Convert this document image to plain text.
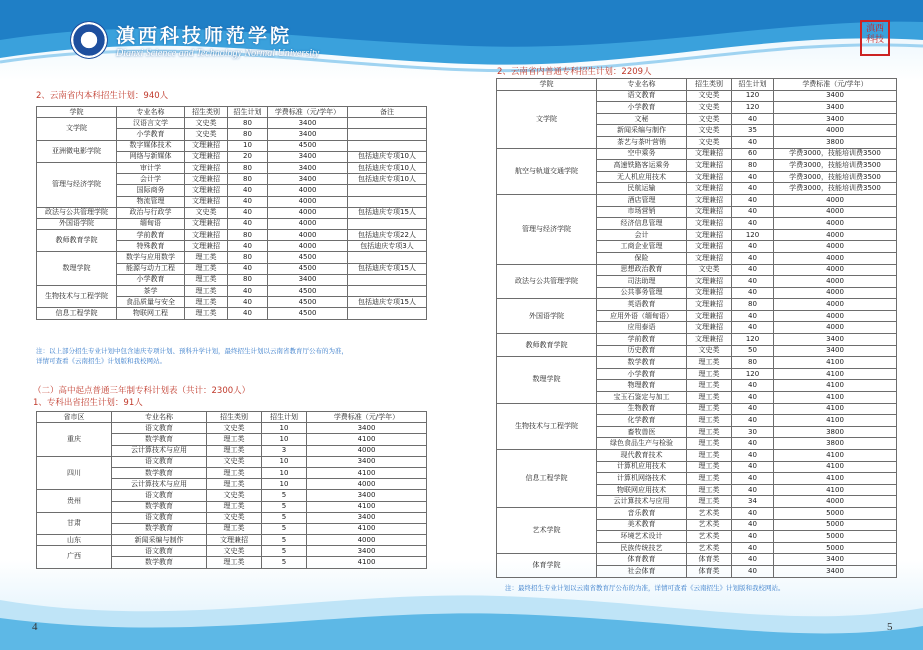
滇西科技师范学院
Dianxi Science and Technology Normal University
滇西科技
2、云南省内本科招生计划：940人
学院	专业名称	招生类别	招生计划	学费标准（元/学年）	备注
文学院	汉语言文学	文史类	80	3400	
	小学教育	文史类	80	3400	
亚洲微电影学院	数字媒体技术	文理兼招	10	4500	
	网络与新媒体	文理兼招	20	3400	包括迪庆专项10人
管理与经济学院	审计学	文理兼招	80	3400	包括迪庆专项10人
	会计学	文理兼招	80	3400	包括迪庆专项10人
	国际商务	文理兼招	40	4000	
	物流管理	文理兼招	40	4000	
政法与公共管理学院	政治与行政学	文史类	40	4000	包括迪庆专项15人
外国语学院	缅甸语	文理兼招	40	4000	
教师教育学院	学前教育	文理兼招	80	4000	包括迪庆专项22人
	特殊教育	文理兼招	40	4000	包括迪庆专项3人
数理学院	数学与应用数学	理工类	80	4500	
	能源与动力工程	理工类	40	4500	包括迪庆专项15人
	小学教育	理工类	80	3400	
生物技术与工程学院	茶学	理工类	40	4500	
	食品质量与安全	理工类	40	4500	包括迪庆专项15人
信息工程学院	物联网工程	理工类	40	4500	
注：以上部分招生专业计划中包含迪庆专项计划、预科升学计划，最终招生计划以云南省教育厅公布的为准，
详情可查看《云南招生》计划版和我校网站。
（二）高中起点普通三年制专科计划表（共计：2300人）
1、专科出省招生计划：91人
省市区	专业名称	招生类别	招生计划	学费标准（元/学年）
重庆	语文教育	文史类	10	3400
	数学教育	理工类	10	4100
	云计算技术与应用	理工类	3	4000
四川	语文教育	文史类	10	3400
	数学教育	理工类	10	4100
	云计算技术与应用	理工类	10	4000
贵州	语文教育	文史类	5	3400
	数学教育	理工类	5	4100
甘肃	语文教育	文史类	5	3400
	数学教育	理工类	5	4100
山东	新闻采编与制作	文理兼招	5	4000
广西	语文教育	文史类	5	3400
	数学教育	理工类	5	4100
4
2、云南省内普通专科招生计划：2209人
学院	专业名称	招生类别	招生计划	学费标准（元/学年）
文学院	语文教育	文史类	120	3400
	小学教育	文史类	120	3400
	文秘	文史类	40	3400
	新闻采编与制作	文史类	35	4000
	茶艺与茶叶营销	文史类	40	3800
航空与轨道交通学院	空中乘务	文理兼招	60	学费3000，技能培训费3500
	高速铁路客运乘务	文理兼招	80	学费3000，技能培训费3500
	无人机应用技术	文理兼招	40	学费3000，技能培训费3500
	民航运输	文理兼招	40	学费3000，技能培训费3500
管理与经济学院	酒店管理	文理兼招	40	4000
	市场营销	文理兼招	40	4000
	经济信息管理	文理兼招	40	4000
	会计	文理兼招	120	4000
	工商企业管理	文理兼招	40	4000
	保险	文理兼招	40	4000
政法与公共管理学院	思想政治教育	文史类	40	4000
	司法助理	文理兼招	40	4000
	公共事务管理	文理兼招	40	4000
外国语学院	英语教育	文理兼招	80	4000
	应用外语（缅甸语）	文理兼招	40	4000
	应用泰语	文理兼招	40	4000
教师教育学院	学前教育	文理兼招	120	3400
	历史教育	文史类	50	3400
数理学院	数学教育	理工类	80	4100
	小学教育	理工类	120	4100
	物理教育	理工类	40	4100
	宝玉石鉴定与加工	理工类	40	4100
生物技术与工程学院	生物教育	理工类	40	4100
	化学教育	理工类	40	4100
	畜牧兽医	理工类	30	3800
	绿色食品生产与检验	理工类	40	3800
信息工程学院	现代教育技术	理工类	40	4100
	计算机应用技术	理工类	40	4100
	计算机网络技术	理工类	40	4100
	物联网应用技术	理工类	40	4100
	云计算技术与应用	理工类	34	4000
艺术学院	音乐教育	艺术类	40	5000
	美术教育	艺术类	40	5000
	环境艺术设计	艺术类	40	5000
	民族传统技艺	艺术类	40	5000
体育学院	体育教育	体育类	40	3400
	社会体育	体育类	40	3400
注：最终招生专业计划以云南省教育厅公布的为准，详情可查看《云南招生》计划版和我校网站。
5
